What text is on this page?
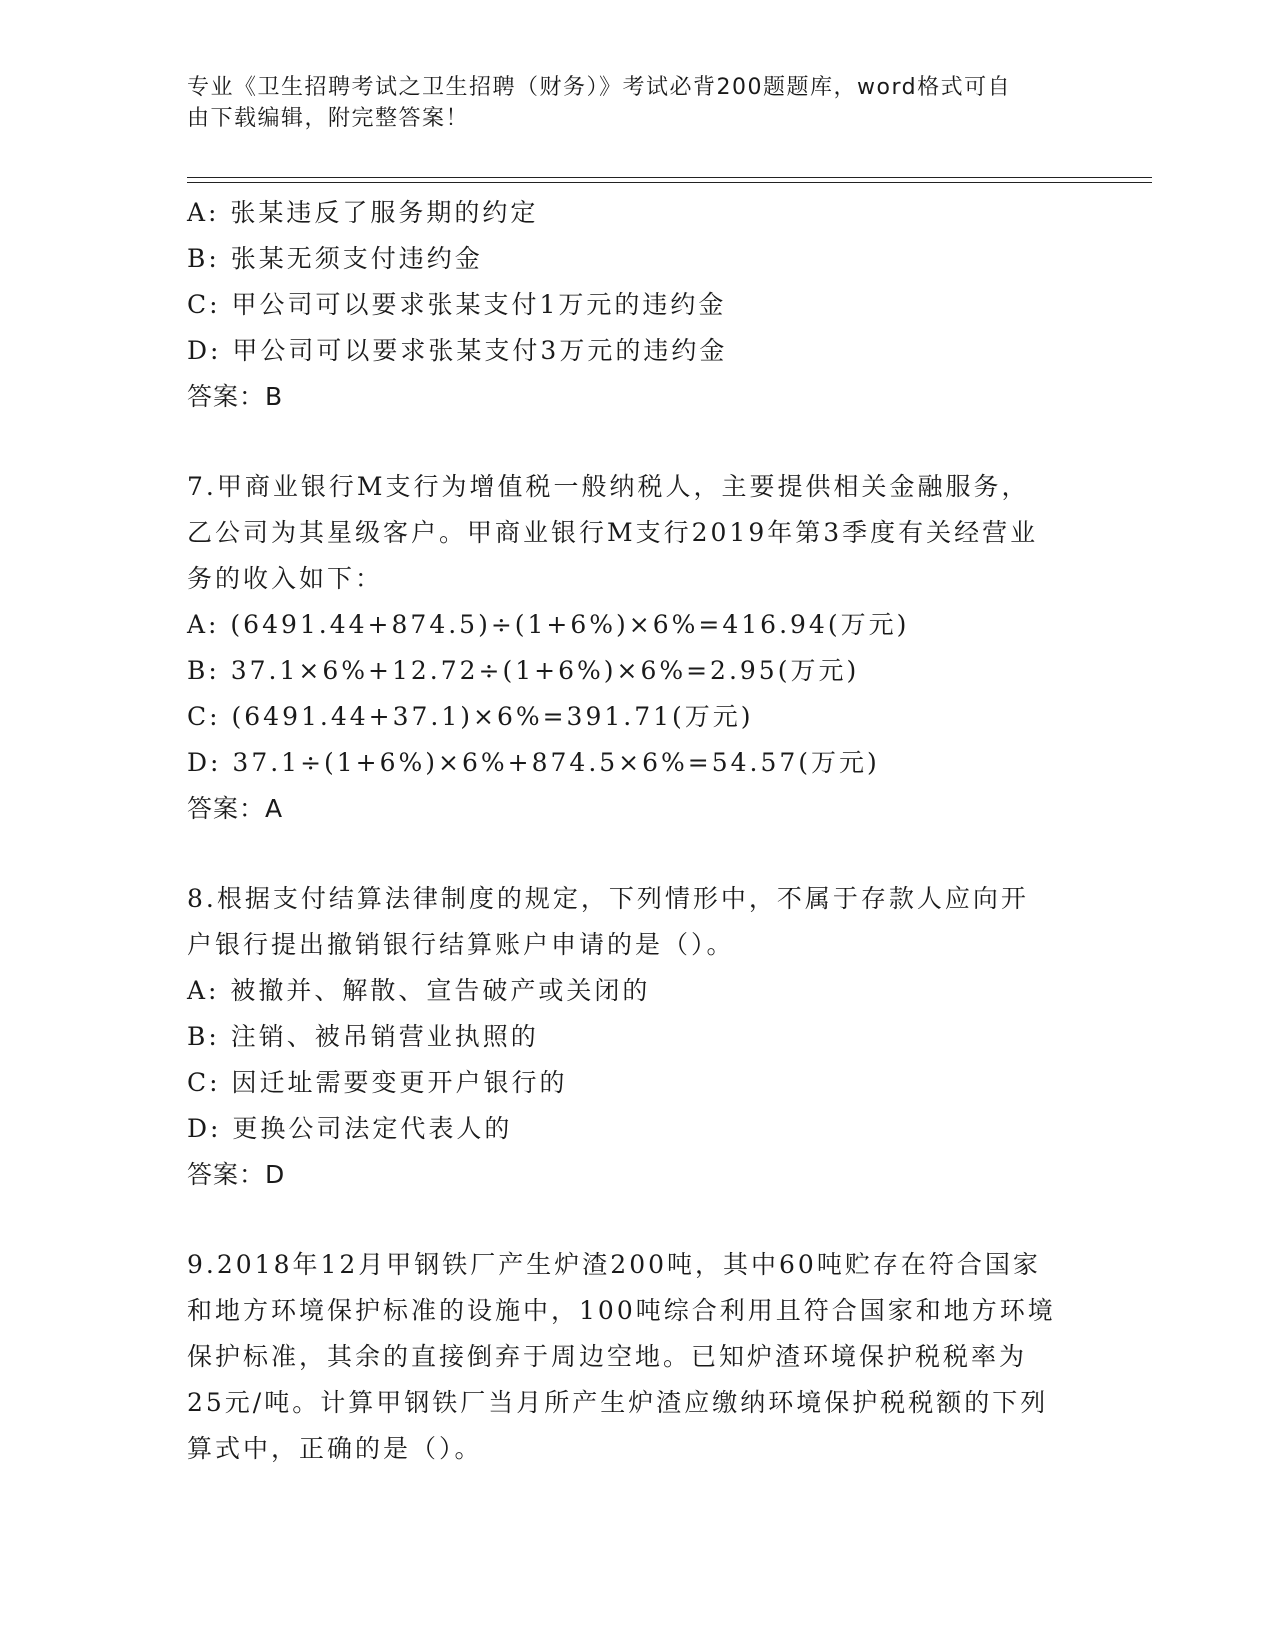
专业《卫生招聘考试之卫生招聘（财务）》考试必背200题题库，word格式可自
由下载编辑，附完整答案！
A: 张某违反了服务期的约定
B: 张某无须支付违约金
C: 甲公司可以要求张某支付1万元的违约金
D: 甲公司可以要求张某支付3万元的违约金
答案：B
7.甲商业银行M支行为增值税一般纳税人，主要提供相关金融服务，
乙公司为其星级客户。甲商业银行M支行2019年第3季度有关经营业
务的收入如下：
A: (6491.44+874.5)÷(1+6%)×6%=416.94(万元)
B: 37.1×6%+12.72÷(1+6%)×6%=2.95(万元)
C: (6491.44+37.1)×6%=391.71(万元)
D: 37.1÷(1+6%)×6%+874.5×6%=54.57(万元)
答案：A
8.根据支付结算法律制度的规定，下列情形中，不属于存款人应向开
户银行提出撤销银行结算账户申请的是（）。
A: 被撤并、解散、宣告破产或关闭的
B: 注销、被吊销营业执照的
C: 因迁址需要变更开户银行的
D: 更换公司法定代表人的
答案：D
9.2018年12月甲钢铁厂产生炉渣200吨，其中60吨贮存在符合国家
和地方环境保护标准的设施中，100吨综合利用且符合国家和地方环境
保护标准，其余的直接倒弃于周边空地。已知炉渣环境保护税税率为
25元/吨。计算甲钢铁厂当月所产生炉渣应缴纳环境保护税税额的下列
算式中，正确的是（）。
